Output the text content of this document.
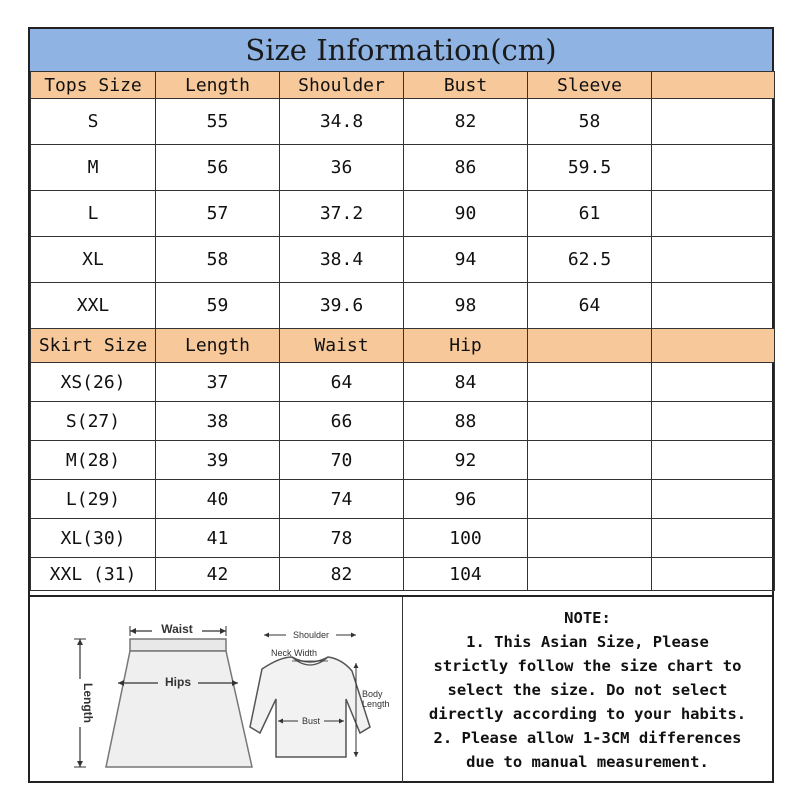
Size Information(cm)
Tops Size	Length	Shoulder	Bust	Sleeve	
S	55	34.8	82	58	
M	56	36	86	59.5	
L	57	37.2	90	61	
XL	58	38.4	94	62.5	
XXL	59	39.6	98	64	
Skirt Size	Length	Waist	Hip		
XS(26)	37	64	84		
S(27)	38	66	88		
M(28)	39	70	92		
L(29)	40	74	96		
XL(30)	41	78	100		
XXL (31)	42	82	104		
Waist
Hips
Length
Shoulder
Neck Width
Bust
Body
Length
NOTE:
1. This Asian Size, Please
strictly follow the size chart to
select the size. Do not select
directly according to your habits.
2. Please allow 1-3CM differences
due to manual measurement.
